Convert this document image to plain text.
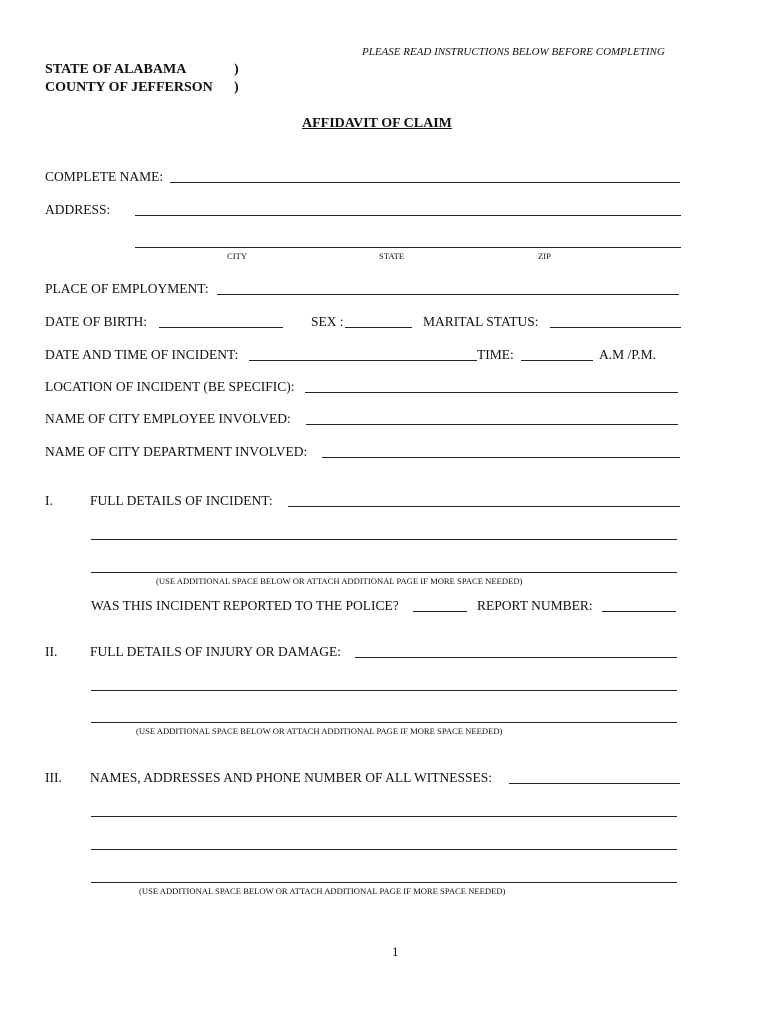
PLEASE READ INSTRUCTIONS BELOW BEFORE COMPLETING
STATE OF ALABAMA	)
COUNTY OF JEFFERSON )
AFFIDAVIT OF CLAIM
COMPLETE NAME:
ADDRESS:
CITY	STATE	ZIP
PLACE OF EMPLOYMENT:
DATE OF BIRTH:	SEX :	MARITAL STATUS:
DATE AND TIME OF INCIDENT:	TIME:	A.M /P.M.
LOCATION OF INCIDENT (BE SPECIFIC):
NAME OF CITY EMPLOYEE INVOLVED:
NAME OF CITY DEPARTMENT INVOLVED:
I.	FULL DETAILS OF INCIDENT:
(USE ADDITIONAL SPACE BELOW OR ATTACH ADDITIONAL PAGE IF MORE SPACE NEEDED)
WAS THIS INCIDENT REPORTED TO THE POLICE?	REPORT NUMBER:
II. FULL DETAILS OF INJURY OR DAMAGE:
(USE ADDITIONAL SPACE BELOW OR ATTACH ADDITIONAL PAGE IF MORE SPACE NEEDED)
III. NAMES, ADDRESSES AND PHONE NUMBER OF ALL WITNESSES:
(USE ADDITIONAL SPACE BELOW OR ATTACH ADDITIONAL PAGE IF MORE SPACE NEEDED)
1
